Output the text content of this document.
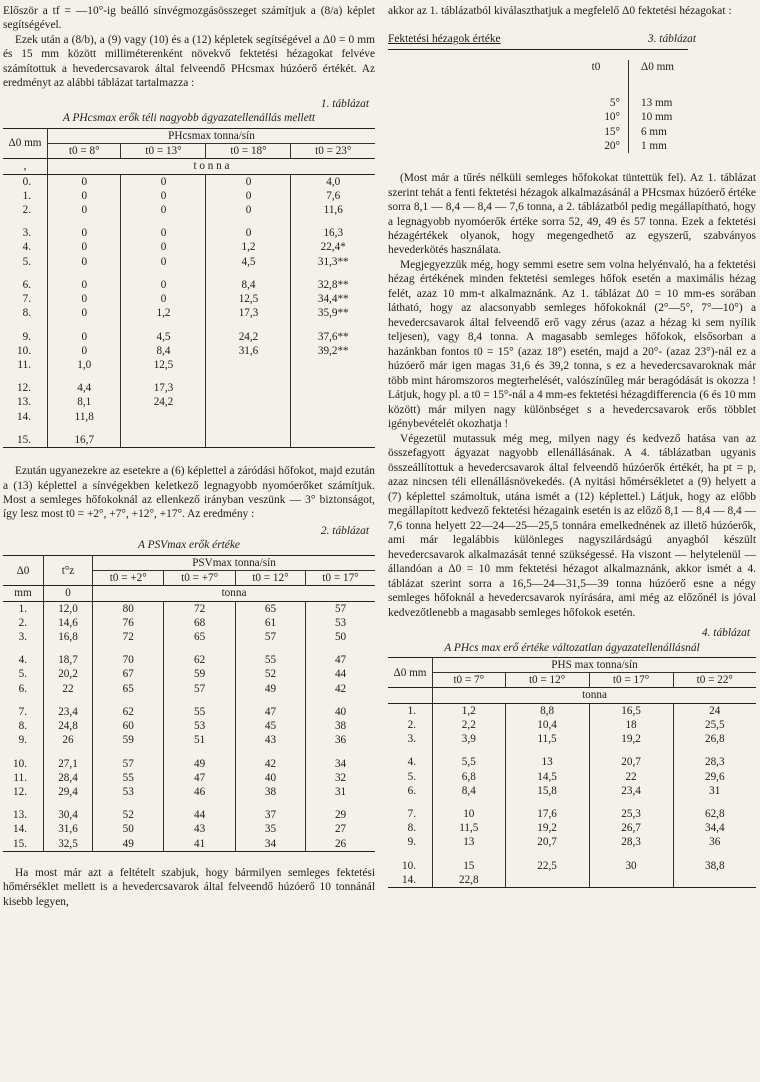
Először a tf = —10°-ig beálló sínvégmozgásösszeget számítjuk a (8/a) képlet segítségével.

Ezek után a (8/b), a (9) vagy (10) és a (12) képletek segítségével a Δ0 = 0 mm és 15 mm között milliméterenként növekvő fektetési hézagokat felvéve számítottuk a hevedercsavarok által felveendő PHcsmax húzóerő értékét. Az eredményt az alábbi táblázat tartalmazza :

1. táblázat
A PHcsmax erők téli nagyobb ágyazatellenállás mellett
Δ0 mm	PHcsmax tonna/sín			
	t0 = 8°	t0 = 13°	t0 = 18°	t0 = 23°
,	t o n n a			
0.	0	0	0	4,0
1.	0	0	0	7,6
2.	0	0	0	11,6

3.	0	0	0	16,3
4.	0	0	1,2	22,4*
5.	0	0	4,5	31,3**

6.	0	0	8,4	32,8**
7.	0	0	12,5	34,4**
8.	0	1,2	17,3	35,9**

9.	0	4,5	24,2	37,6**
10.	0	8,4	31,6	39,2**
11.	1,0	12,5		

12.	4,4	17,3		
13.	8,1	24,2		
14.	11,8			

15.	16,7			

Ezután ugyanezekre az esetekre a (6) képlettel a záródási hőfokot, majd ezután a (13) képlettel a sínvégekben keletkező legnagyobb nyomóerőket számítjuk. Most a semleges hőfokoknál az ellenkező irányban veszünk — 3° biztonságot, így lesz most t0 = +2°, +7°, +12°, +17°. Az eredmény :

2. táblázat
A PSVmax erők értéke
Δ0	t°z	PSVmax tonna/sín			
		t0 = +2°	t0 = +7°	t0 = 12°	t0 = 17°
mm	0	tonna			
1.	12,0	80	72	65	57
2.	14,6	76	68	61	53
3.	16,8	72	65	57	50

4.	18,7	70	62	55	47
5.	20,2	67	59	52	44
6.	22	65	57	49	42

7.	23,4	62	55	47	40
8.	24,8	60	53	45	38
9.	26	59	51	43	36

10.	27,1	57	49	42	34
11.	28,4	55	47	40	32
12.	29,4	53	46	38	31

13.	30,4	52	44	37	29
14.	31,6	50	43	35	27
15.	32,5	49	41	34	26

Ha most már azt a feltételt szabjuk, hogy bármilyen semleges fektetési hőmérséklet mellett is a hevedercsavarok által felveendő húzóerő 10 tonnánál kisebb legyen,

akkor az 1. táblázatból kiválaszthatjuk a megfelelő Δ0 fektetési hézagokat :

Fektetési hézagok értéke	3. táblázat
t0	Δ0 mm
5°	13 mm
10°	10 mm
15°	6 mm
20°	1 mm

(Most már a tűrés nélküli semleges hőfokokat tüntettük fel). Az 1. táblázat szerint tehát a fenti fektetési hézagok alkalmazásánál a PHcsmax húzóerő értéke sorra 8,1 — 8,4 — 8,4 — 7,6 tonna, a 2. táblázatból pedig megállapítható, hogy a legnagyobb nyomóerők értéke sorra 52, 49, 49 és 57 tonna. Ezek a fektetési hézagértékek olyanok, hogy megengedhető az egyszerű, szabványos hevederkötés használata.

Megjegyezzük még, hogy semmi esetre sem volna helyénvaló, ha a fektetési hézag értékének minden fektetési semleges hőfok esetén a maximális hézag felét, azaz 10 mm-t alkalmaznánk. Az 1. táblázat Δ0 = 10 mm-es sorában látható, hogy az alacsonyabb semleges hőfokoknál (2°—5°, 7°—10°) a hevedercsavarok által felveendő erő vagy zérus (azaz a hézag ki sem nyílik teljesen), vagy 8,4 tonna. A magasabb semleges hőfokok, elsősorban a hazánkban fontos t0 = 15° (azaz 18°) esetén, majd a 20°- (azaz 23°)-nál ez a húzóerő már igen magas 31,6 és 39,2 tonna, s ez a hevedercsavaroknak már több mint háromszoros megterhelését, valószínűleg már beragódását is okozza ! Látjuk, hogy pl. a t0 = 15°-nál a 4 mm-es fektetési hézagdifferencia (6 és 10 mm között) már milyen nagy különbséget s a hevedercsavarok erős többlet igénybevételét okozhatja !

Végezetül mutassuk még meg, milyen nagy és kedvező hatása van az összefagyott ágyazat nagyobb ellenállásának. A 4. táblázatban ugyanis összeállítottuk a hevedercsavarok által felveendő húzóerők értékét, ha pt = p, azaz nincsen téli ellenállásnövekedés. (A nyitási hőmérsékletet a (9) helyett a (7) képlettel számoltuk, utána ismét a (12) képlettel.) Látjuk, hogy az előbb megállapított kedvező fektetési hézagaink esetén is az előző 8,1 — 8,4 — 8,4 — 7,6 tonna helyett 22—24—25—25,5 tonnára emelkednének az illető húzóerők, ami már legalábbis különleges nagyszilárdságú anyagból készült hevedercsavarok alkalmazását tenné szükségessé. Ha viszont — helytelenül — állandóan a Δ0 = 10 mm fektetési hézagot alkalmaznánk, akkor ismét a 4. táblázat szerint sorra a 16,5—24—31,5—39 tonna húzóerő esne a négy semleges hőfoknál a hevedercsavarok nyírására, ami még az előzőnél is jóval kedvezőtlenebb a magasabb semleges hőfokok esetén.

4. táblázat
A PHcs max erő értéke változatlan ágyazatellenállásnál
Δ0 mm	PHS max tonna/sín			
	t0 = 7°	t0 = 12°	t0 = 17°	t0 = 22°
	tonna			
1.	1,2	8,8	16,5	24
2.	2,2	10,4	18	25,5
3.	3,9	11,5	19,2	26,8

4.	5,5	13	20,7	28,3
5.	6,8	14,5	22	29,6
6.	8,4	15,8	23,4	31

7.	10	17,6	25,3	62,8
8.	11,5	19,2	26,7	34,4
9.	13	20,7	28,3	36

10.	15	22,5	30	38,8
14.	22,8			
